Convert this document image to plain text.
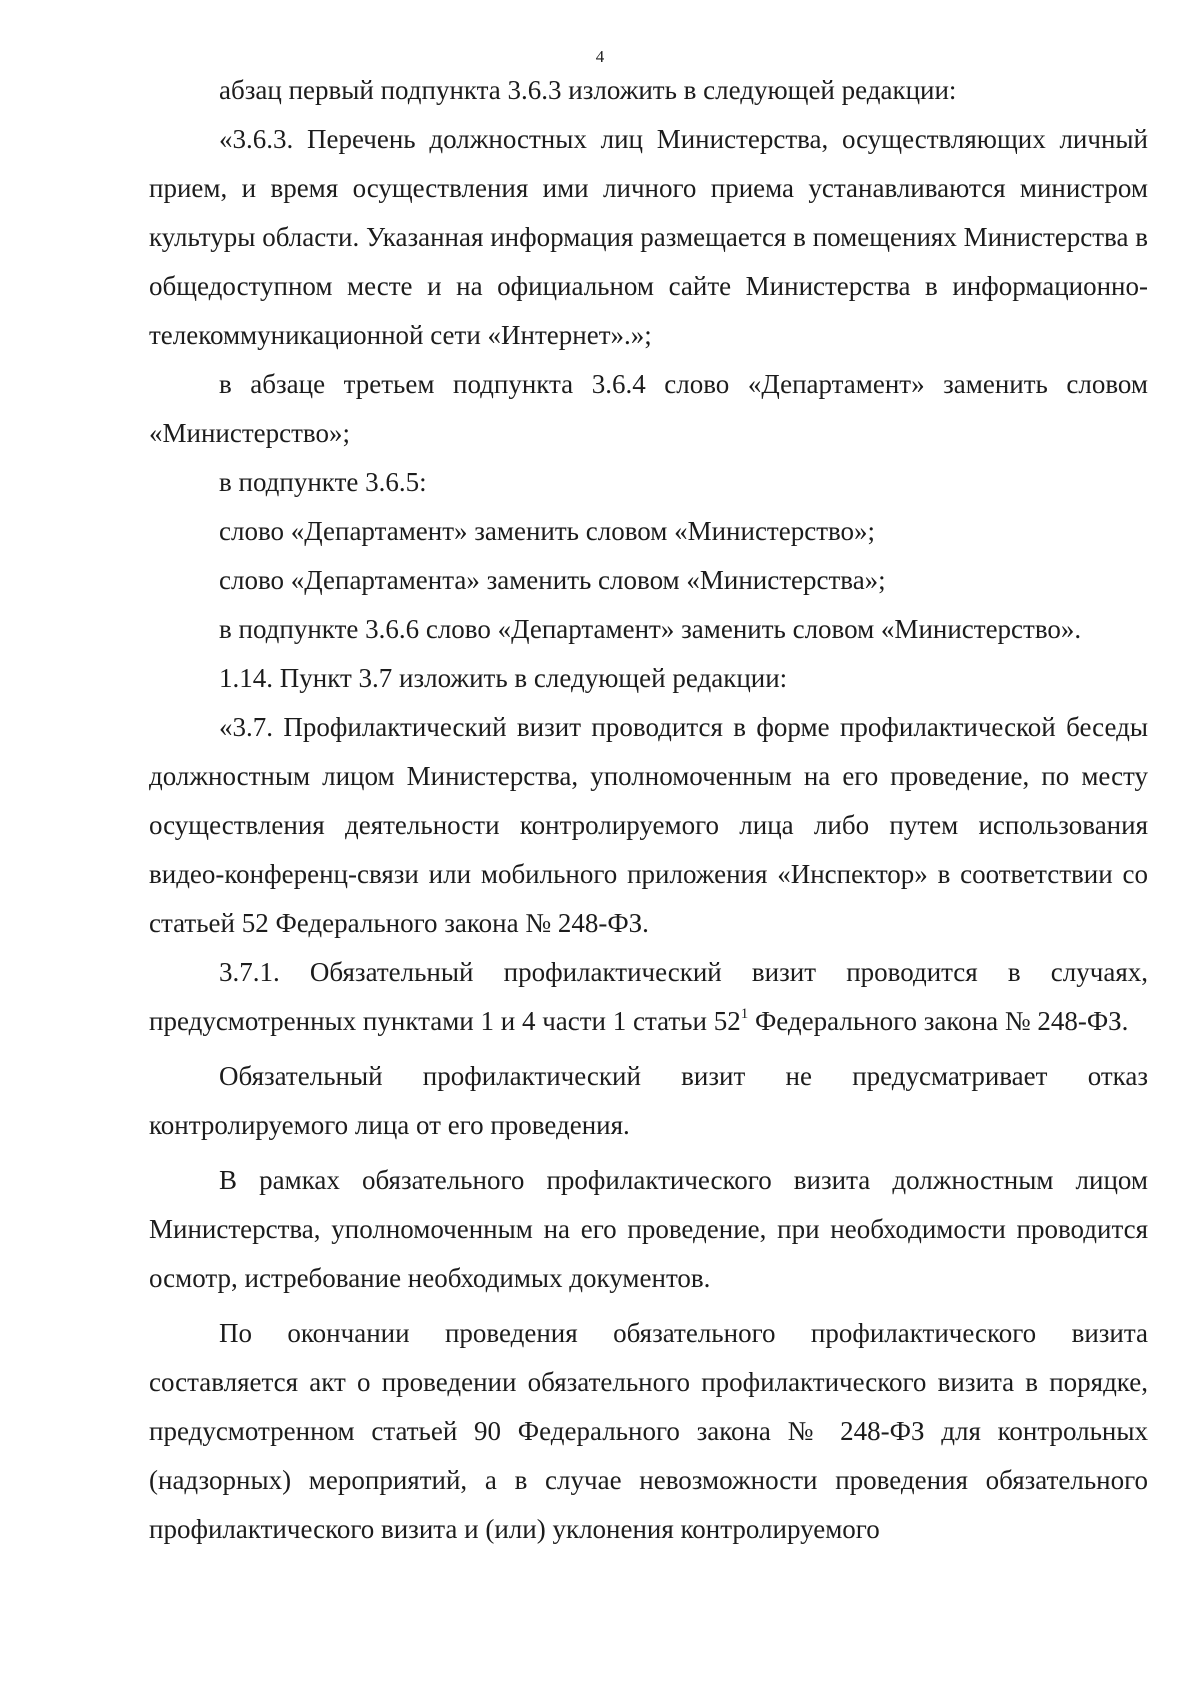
4

абзац первый подпункта 3.6.3 изложить в следующей редакции:

«3.6.3. Перечень должностных лиц Министерства, осуществляющих личный прием, и время осуществления ими личного приема устанавливаются министром культуры области. Указанная информация размещается в помещениях Министерства в общедоступном месте и на официальном сайте Министерства в информационно-телекоммуникационной сети «Интернет».»;

в абзаце третьем подпункта 3.6.4 слово «Департамент» заменить словом «Министерство»;

в подпункте 3.6.5:

слово «Департамент» заменить словом «Министерство»;

слово «Департамента» заменить словом «Министерства»;

в подпункте 3.6.6 слово «Департамент» заменить словом «Министерство».

1.14. Пункт 3.7 изложить в следующей редакции:

«3.7. Профилактический визит проводится в форме профилактической беседы должностным лицом Министерства, уполномоченным на его проведение, по месту осуществления деятельности контролируемого лица либо путем использования видео-конференц-связи или мобильного приложения «Инспектор» в соответствии со статьей 52 Федерального закона № 248-ФЗ.

3.7.1. Обязательный профилактический визит проводится в случаях, предусмотренных пунктами 1 и 4 части 1 статьи 52$^1$ Федерального закона № 248-ФЗ.

Обязательный профилактический визит не предусматривает отказ контролируемого лица от его проведения.

В рамках обязательного профилактического визита должностным лицом Министерства, уполномоченным на его проведение, при необходимости проводится осмотр, истребование необходимых документов.

По окончании проведения обязательного профилактического визита составляется акт о проведении обязательного профилактического визита в порядке, предусмотренном статьей 90 Федерального закона № 248-ФЗ для контрольных (надзорных) мероприятий, а в случае невозможности проведения обязательного профилактического визита и (или) уклонения контролируемого
